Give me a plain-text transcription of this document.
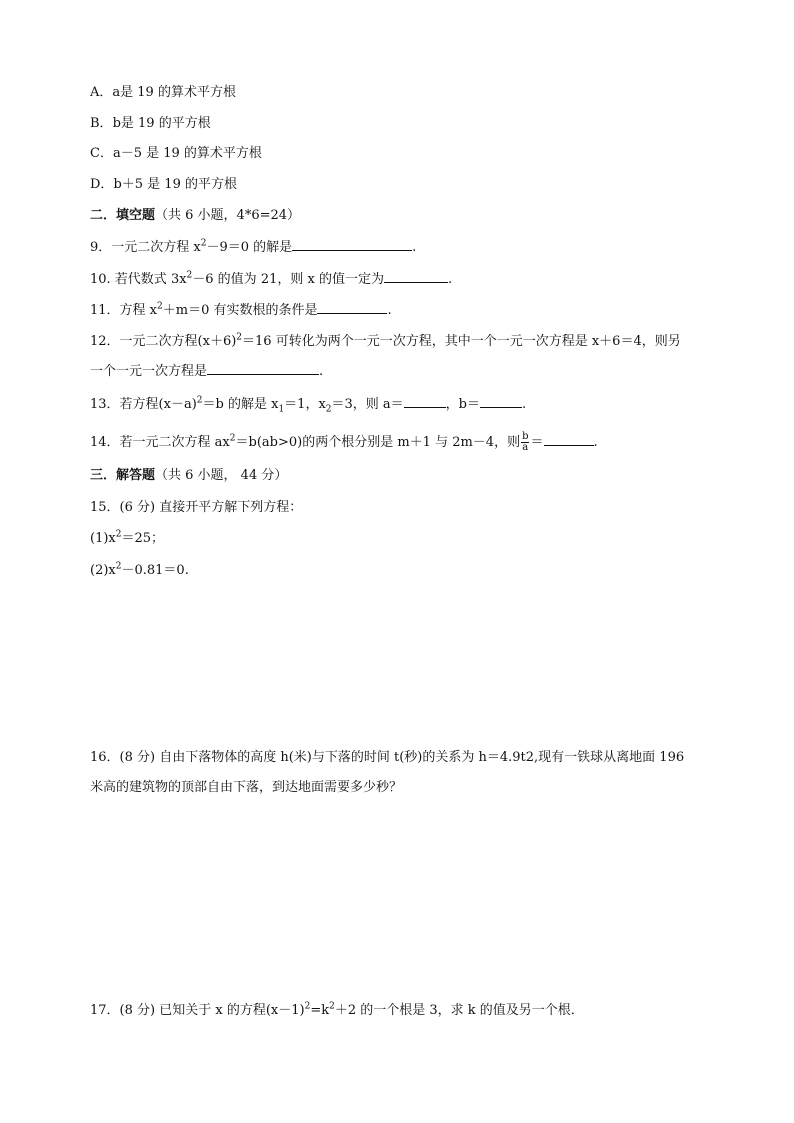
A．a是 19 的算术平方根
B．b是 19 的平方根
C．a－5 是 19 的算术平方根
D．b＋5 是 19 的平方根
二．填空题（共 6 小题，4*6=24）
9．一元二次方程 $x^2-9=0$ 的解是	.
10. 若代数式 $3x^2-6$ 的值为 21，则 x 的值一定为	.
11．方程 $x^2+m=0$ 有实数根的条件是	.
12．一元二次方程$(x+6)^2=16$ 可转化为两个一元一次方程，其中一个一元一次方程是 x＋6＝4，则另
一个一元一次方程是	.
13．若方程$(x-a)^2=b$ 的解是 $x_1=1$，$x_2=3$，则 a＝	，b＝	.
14．若一元二次方程 $ax^2=b(ab>0)$的两个根分别是 m＋1 与 2m－4，则 $\frac{b}{a}$ ＝	.
三．解答题（共 6 小题， 44 分）
15．(6 分) 直接开平方解下列方程：
$(1)x^2=25$；
$(2)x^2-0.81=0$.
16．(8 分) 自由下落物体的高度 h(米)与下落的时间 t(秒)的关系为 h＝4.9t2,现有一铁球从离地面 196
米高的建筑物的顶部自由下落，到达地面需要多少秒？
17．(8 分) 已知关于 x 的方程$(x-1)^2=k^2+2$ 的一个根是 3，求 k 的值及另一个根．
